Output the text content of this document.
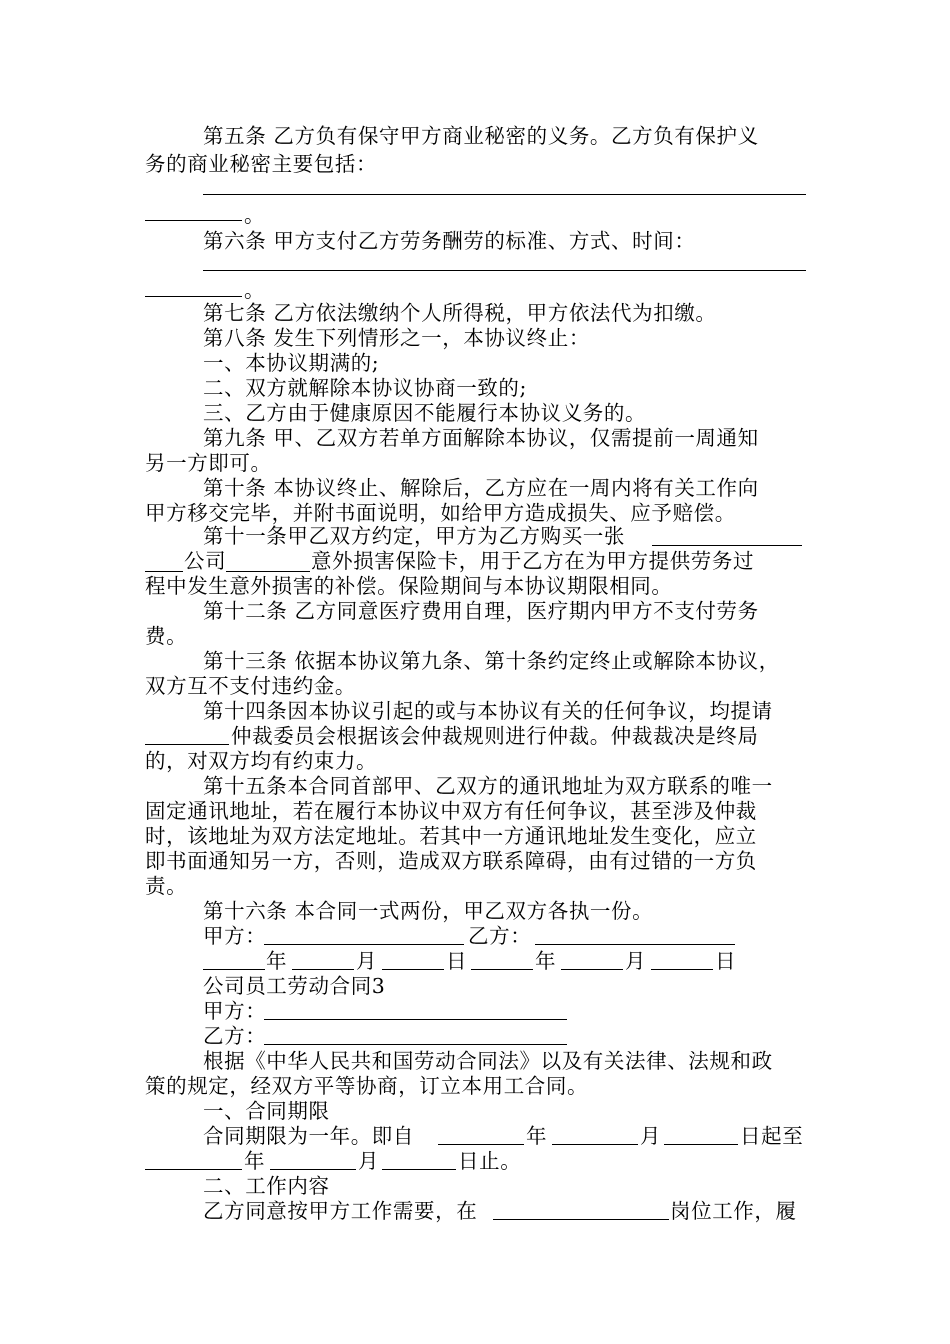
第五条 乙方负有保守甲方商业秘密的义务。乙方负有保护义
务的商业秘密主要包括：
。
第六条 甲方支付乙方劳务酬劳的标准、方式、时间：
。
第七条 乙方依法缴纳个人所得税，甲方依法代为扣缴。
第八条 发生下列情形之一，本协议终止：
一、本协议期满的;
二、双方就解除本协议协商一致的;
三、乙方由于健康原因不能履行本协议义务的。
第九条 甲、乙双方若单方面解除本协议，仅需提前一周通知
另一方即可。
第十条 本协议终止、解除后，乙方应在一周内将有关工作向
甲方移交完毕，并附书面说明，如给甲方造成损失、应予赔偿。
第十一条甲乙双方约定，甲方为乙方购买一张
公司	意外损害保险卡，用于乙方在为甲方提供劳务过
程中发生意外损害的补偿。保险期间与本协议期限相同。
第十二条 乙方同意医疗费用自理，医疗期内甲方不支付劳务
费。
第十三条 依据本协议第九条、第十条约定终止或解除本协议，
双方互不支付违约金。
第十四条因本协议引起的或与本协议有关的任何争议，均提请
仲裁委员会根据该会仲裁规则进行仲裁。仲裁裁决是终局
的，对双方均有约束力。
第十五条本合同首部甲、乙双方的通讯地址为双方联系的唯一
固定通讯地址，若在履行本协议中双方有任何争议，甚至涉及仲裁
时，该地址为双方法定地址。若其中一方通讯地址发生变化，应立
即书面通知另一方，否则，造成双方联系障碍，由有过错的一方负
责。
第十六条 本合同一式两份，甲乙双方各执一份。
甲方：	乙方：
年	月	日	年	月	日
公司员工劳动合同3
甲方：
乙方：
根据《中华人民共和国劳动合同法》以及有关法律、法规和政
策的规定，经双方平等协商，订立本用工合同。
一、合同期限
合同期限为一年。即自	年	月	日起至
年	月	日止。
二、工作内容
乙方同意按甲方工作需要，在	岗位工作，履
